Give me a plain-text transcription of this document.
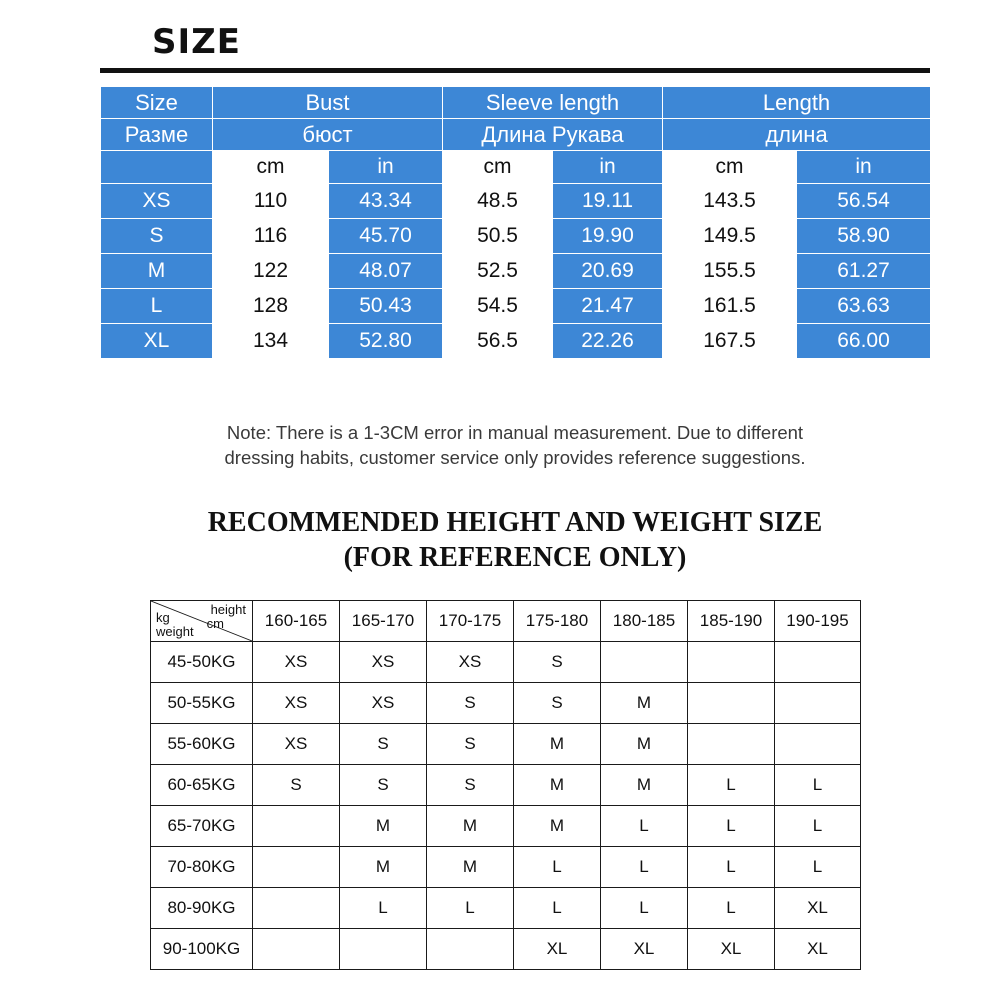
SIZE
Size	Bust		Sleeve length		Length	
Разме	бюст		Длина Рукава		длина	
	cm	in	cm	in	cm	in
XS	110	43.34	48.5	19.11	143.5	56.54
S	116	45.70	50.5	19.90	149.5	58.90
M	122	48.07	52.5	20.69	155.5	61.27
L	128	50.43	54.5	21.47	161.5	63.63
XL	134	52.80	56.5	22.26	167.5	66.00
Note: There is a 1-3CM error in manual measurement. Due to different
dressing habits, customer service only provides reference suggestions.
RECOMMENDED HEIGHT AND WEIGHT SIZE
(FOR REFERENCE ONLY)
height
cm
kg
weight	160-165	165-170	170-175	175-180	180-185	185-190	190-195
45-50KG	XS	XS	XS	S			
50-55KG	XS	XS	S	S	M		
55-60KG	XS	S	S	M	M		
60-65KG	S	S	S	M	M	L	L
65-70KG		M	M	M	L	L	L
70-80KG		M	M	L	L	L	L
80-90KG		L	L	L	L	L	XL
90-100KG				XL	XL	XL	XL
